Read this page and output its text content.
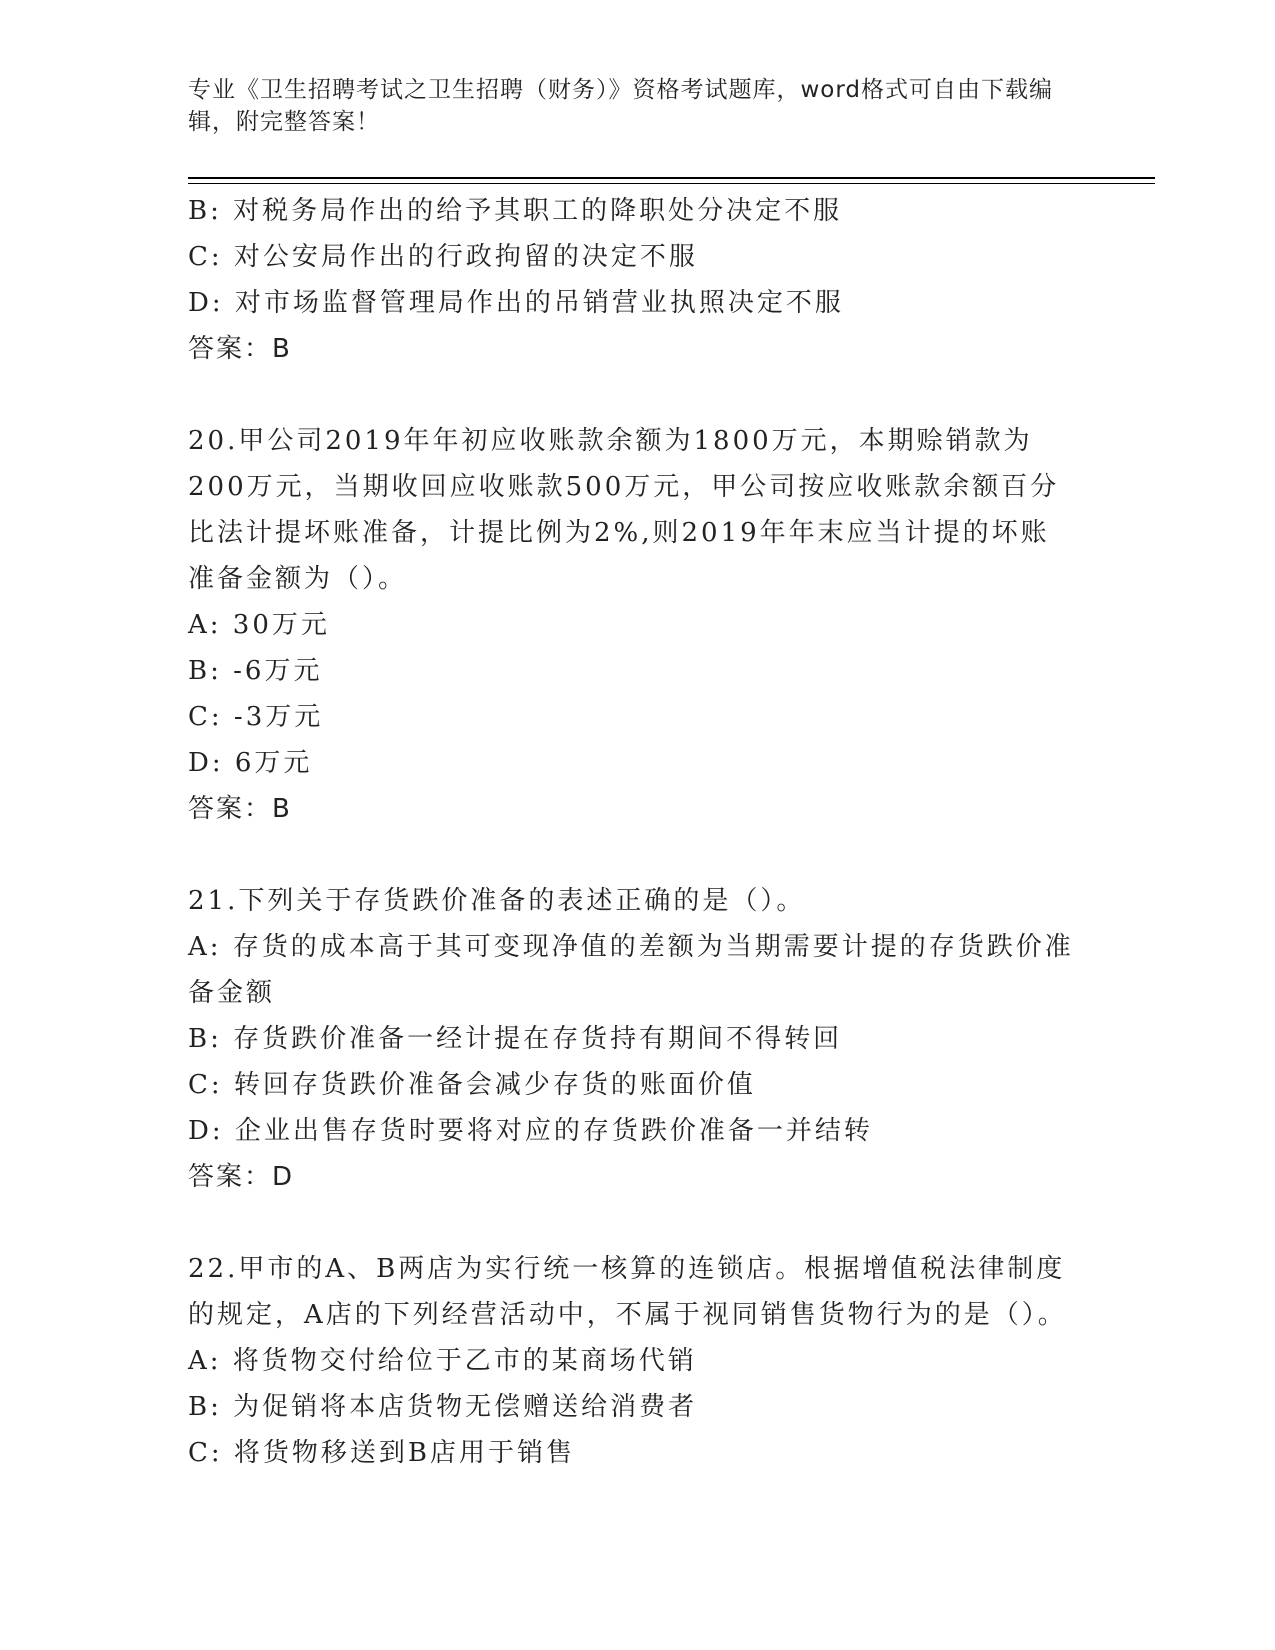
专业《卫生招聘考试之卫生招聘（财务）》资格考试题库，word格式可自由下载编辑，附完整答案！
B: 对税务局作出的给予其职工的降职处分决定不服
C: 对公安局作出的行政拘留的决定不服
D: 对市场监督管理局作出的吊销营业执照决定不服
答案：B
20.甲公司2019年年初应收账款余额为1800万元，本期赊销款为200万元，当期收回应收账款500万元，甲公司按应收账款余额百分比法计提坏账准备，计提比例为2%,则2019年年末应当计提的坏账准备金额为（）。
A: 30万元
B: -6万元
C: -3万元
D: 6万元
答案：B
21.下列关于存货跌价准备的表述正确的是（）。
A: 存货的成本高于其可变现净值的差额为当期需要计提的存货跌价准备金额
B: 存货跌价准备一经计提在存货持有期间不得转回
C: 转回存货跌价准备会减少存货的账面价值
D: 企业出售存货时要将对应的存货跌价准备一并结转
答案：D
22.甲市的A、B两店为实行统一核算的连锁店。根据增值税法律制度的规定，A店的下列经营活动中，不属于视同销售货物行为的是（）。
A: 将货物交付给位于乙市的某商场代销
B: 为促销将本店货物无偿赠送给消费者
C: 将货物移送到B店用于销售
